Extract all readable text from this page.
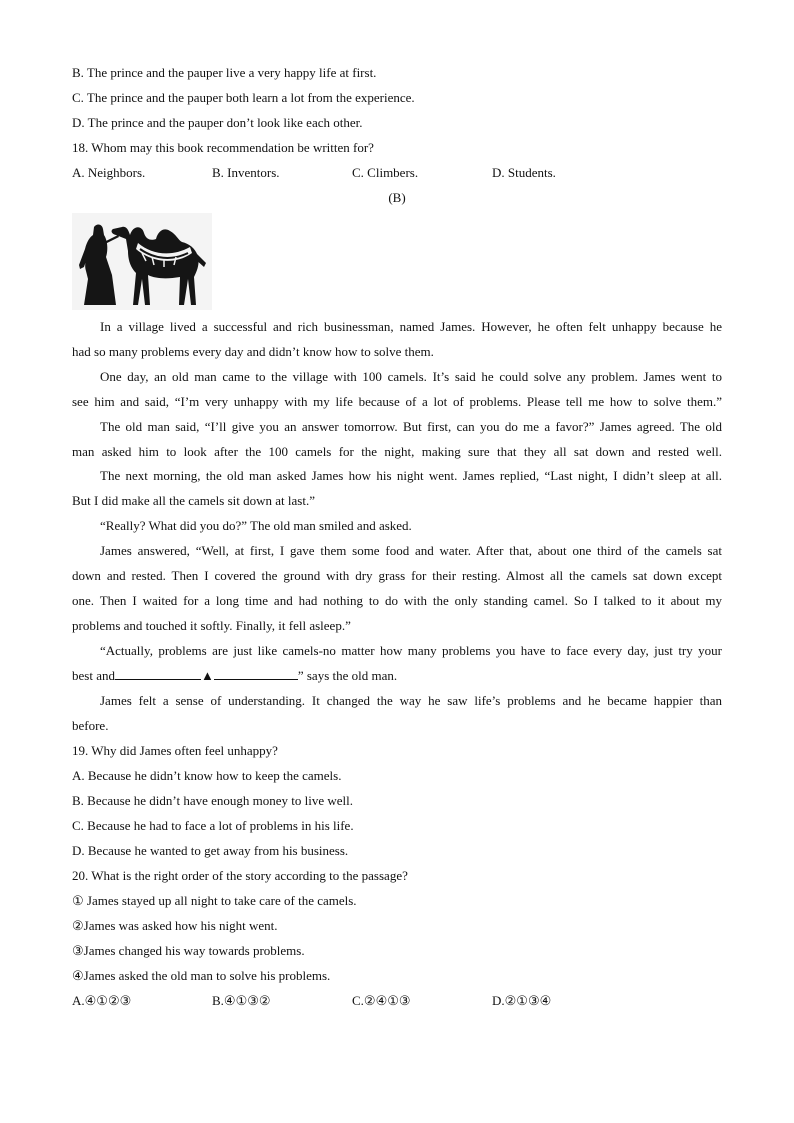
B. The prince and the pauper live a very happy life at first.
C. The prince and the pauper both learn a lot from the experience.
D. The prince and the pauper don’t look like each other.
18. Whom may this book recommendation be written for?
A. Neighbors.	B. Inventors.	C. Climbers.	D. Students.
(B)
In a village lived a successful and rich businessman, named James. However, he often felt unhappy because he
had so many problems every day and didn’t know how to solve them.
One day, an old man came to the village with 100 camels. It’s said he could solve any problem. James went to
see him and said, “I’m very unhappy with my life because of a lot of problems. Please tell me how to solve them.”
The old man said, “I’ll give you an answer tomorrow. But first, can you do me a favor?” James agreed. The old
man asked him to look after the 100 camels for the night, making sure that they all sat down and rested well.
The next morning, the old man asked James how his night went. James replied, “Last night, I didn’t sleep at all.
But I did make all the camels sit down at last.”
“Really? What did you do?” The old man smiled and asked.
James answered, “Well, at first, I gave them some food and water. After that, about one third of the camels sat
down and rested. Then I covered the ground with dry grass for their resting. Almost all the camels sat down except
one. Then I waited for a long time and had nothing to do with the only standing camel. So I talked to it about my
problems and touched it softly. Finally, it fell asleep.”
“Actually, problems are just like camels-no matter how many problems you have to face every day, just try your
best and	▲	” says the old man.
James felt a sense of understanding. It changed the way he saw life’s problems and he became happier than
before.
19. Why did James often feel unhappy?
A. Because he didn’t know how to keep the camels.
B. Because he didn’t have enough money to live well.
C. Because he had to face a lot of problems in his life.
D. Because he wanted to get away from his business.
20. What is the right order of the story according to the passage?
① James stayed up all night to take care of the camels.
②James was asked how his night went.
③James changed his way towards problems.
④James asked the old man to solve his problems.
A.④①②③	B.④①③②	C.②④①③	D.②①③④
